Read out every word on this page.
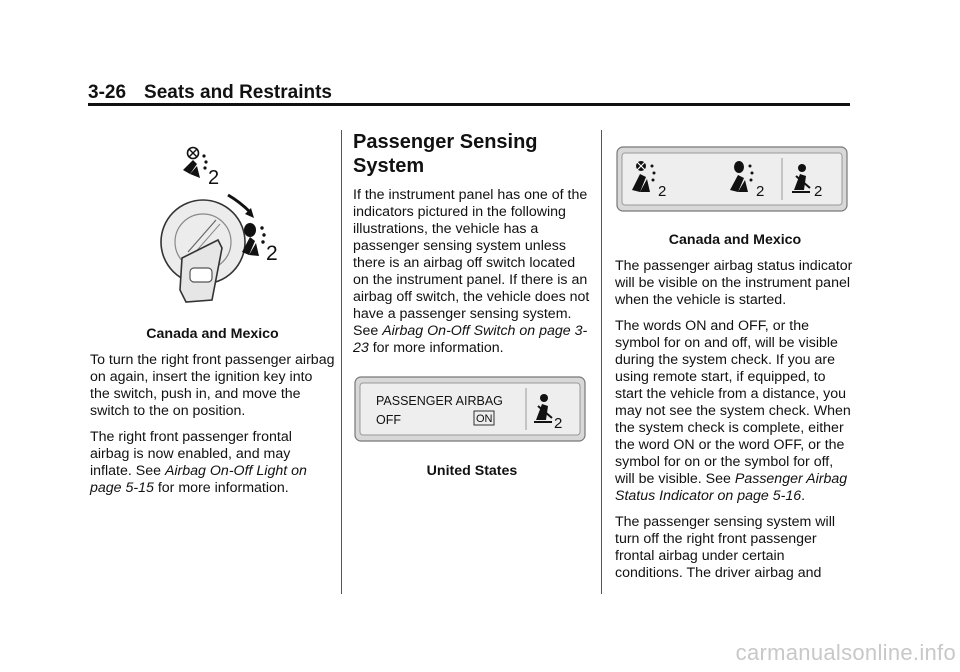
3-26 Seats and Restraints
2
2

Canada and Mexico

To turn the right front passenger airbag on again, insert the ignition key into the switch, push in, and move the switch to the on position.

The right front passenger frontal airbag is now enabled, and may inflate. See Airbag On-Off Light on page 5-15 for more information.

Passenger Sensing System

If the instrument panel has one of the indicators pictured in the following illustrations, the vehicle has a passenger sensing system unless there is an airbag off switch located on the instrument panel. If there is an airbag off switch, the vehicle does not have a passenger sensing system. See Airbag On-Off Switch on page 3-23 for more information.

PASSENGER AIRBAG
OFF	ON	2

United States

2	2	2

Canada and Mexico

The passenger airbag status indicator will be visible on the instrument panel when the vehicle is started.

The words ON and OFF, or the symbol for on and off, will be visible during the system check. If you are using remote start, if equipped, to start the vehicle from a distance, you may not see the system check. When the system check is complete, either the word ON or the word OFF, or the symbol for on or the symbol for off, will be visible. See Passenger Airbag Status Indicator on page 5-16.

The passenger sensing system will turn off the right front passenger frontal airbag under certain conditions. The driver airbag and

carmanualsonline.info
